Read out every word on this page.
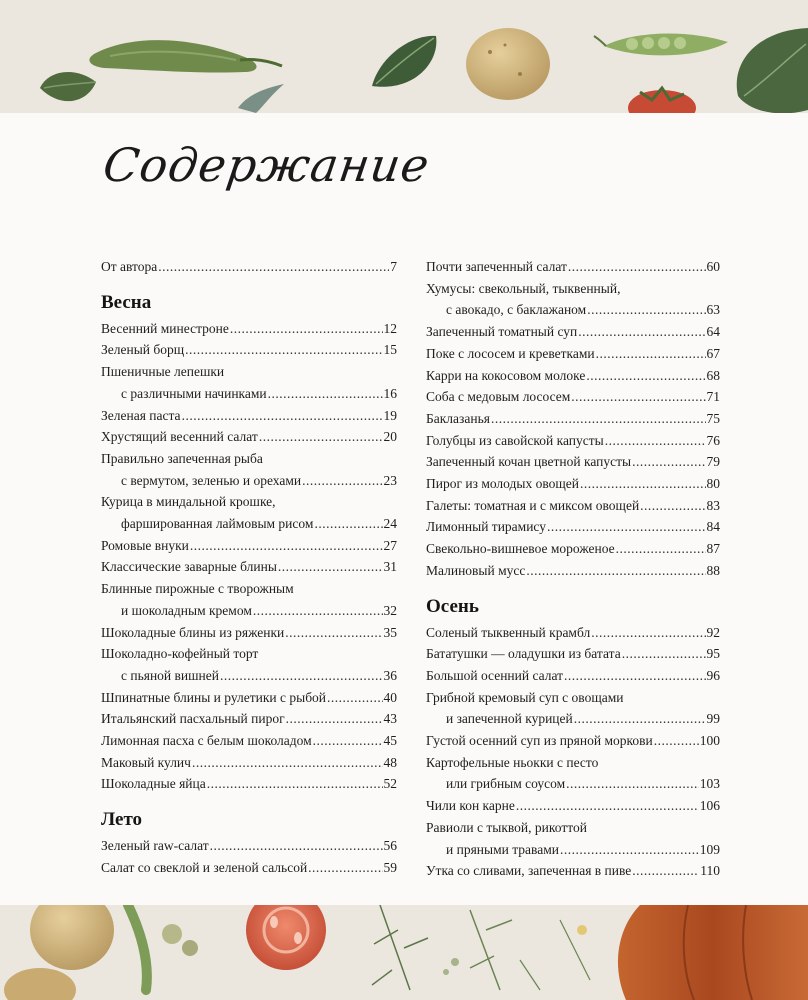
Содержание
От автора .....	7
Весна
Весенний минестроне .....	12
Зеленый борщ .....	15
Пшеничные лепешки
с различными начинками .....	16
Зеленая паста .....	19
Хрустящий весенний салат .....	20
Правильно запеченная рыба
с вермутом, зеленью и орехами .....	23
Курица в миндальной крошке,
фаршированная лаймовым рисом .....	24
Ромовые внуки .....	27
Классические заварные блины .....	31
Блинные пирожные с творожным
и шоколадным кремом .....	32
Шоколадные блины из ряженки .....	35
Шоколадно-кофейный торт
с пьяной вишней .....	36
Шпинатные блины и рулетики с рыбой .....	40
Итальянский пасхальный пирог .....	43
Лимонная пасха с белым шоколадом .....	45
Маковый кулич .....	48
Шоколадные яйца .....	52
Лето
Зеленый raw-салат .....	56
Салат со свеклой и зеленой сальсой .....	59
Почти запеченный салат .....	60
Хумусы: свекольный, тыквенный,
с авокадо, с баклажаном .....	63
Запеченный томатный суп .....	64
Поке с лососем и креветками .....	67
Карри на кокосовом молоке .....	68
Соба с медовым лососем .....	71
Баклазанья .....	75
Голубцы из савойской капусты .....	76
Запеченный кочан цветной капусты .....	79
Пирог из молодых овощей .....	80
Галеты: томатная и с миксом овощей .....	83
Лимонный тирамису .....	84
Свекольно-вишневое мороженое .....	87
Малиновый мусс .....	88
Осень
Соленый тыквенный крамбл .....	92
Бататушки — оладушки из батата .....	95
Большой осенний салат .....	96
Грибной кремовый суп с овощами
и запеченной курицей .....	99
Густой осенний суп из пряной моркови .....	100
Картофельные ньокки с песто
или грибным соусом .....	103
Чили кон карне .....	106
Равиоли с тыквой, рикоттой
и пряными травами .....	109
Утка со сливами, запеченная в пиве .....	110
